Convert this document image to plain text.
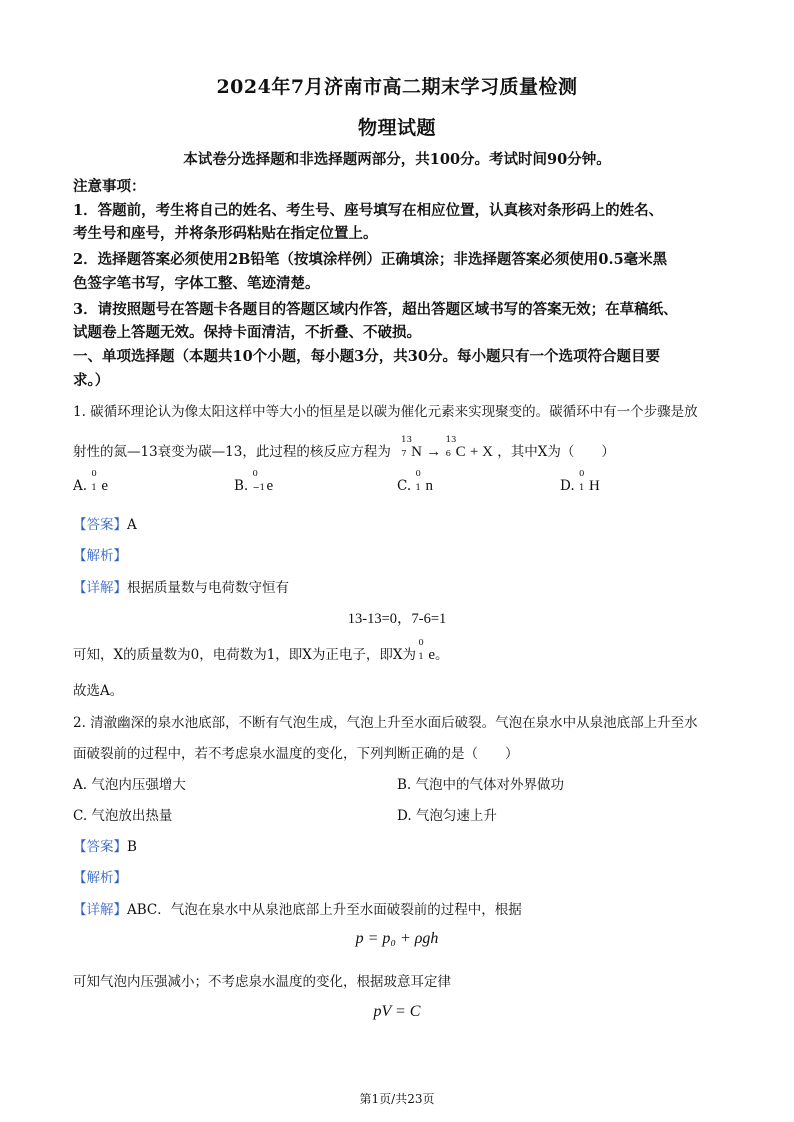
2024年7月济南市高二期末学习质量检测
物理试题
本试卷分选择题和非选择题两部分，共100分。考试时间90分钟。
注意事项：
1．答题前，考生将自己的姓名、考生号、座号填写在相应位置，认真核对条形码上的姓名、
考生号和座号，并将条形码粘贴在指定位置上。
2．选择题答案必须使用2B铅笔（按填涂样例）正确填涂；非选择题答案必须使用0.5毫米黑
色签字笔书写，字体工整、笔迹清楚。
3．请按照题号在答题卡各题目的答题区域内作答，超出答题区域书写的答案无效；在草稿纸、
试题卷上答题无效。保持卡面清洁，不折叠、不破损。
一、单项选择题（本题共10个小题，每小题3分，共30分。每小题只有一个选项符合题目要
求。）
1. 碳循环理论认为像太阳这样中等大小的恒星是以碳为催化元素来实现聚变的。碳循环中有一个步骤是放
射性的氮—13衰变为碳—13，此过程的核反应方程为
13
7 N →
13
6 C + X ，其中X为（　　）
A.
0
1 e	B.
0
−1 e	C.
0
1 n	D.
0
1 H
【答案】A
【解析】
【详解】根据质量数与电荷数守恒有
13-13=0，7-6=1
可知，X的质量数为0，电荷数为1，即X为正电子，即X为
0
1 e。
故选A。
2. 清澈幽深的泉水池底部，不断有气泡生成，气泡上升至水面后破裂。气泡在泉水中从泉池底部上升至水
面破裂前的过程中，若不考虑泉水温度的变化，下列判断正确的是（　　）
A. 气泡内压强增大	B. 气泡中的气体对外界做功
C. 气泡放出热量	D. 气泡匀速上升
【答案】B
【解析】
【详解】ABC．气泡在泉水中从泉池底部上升至水面破裂前的过程中，根据
p = p₀ + ρgh
可知气泡内压强减小；不考虑泉水温度的变化，根据玻意耳定律
pV = C
第1页/共23页
